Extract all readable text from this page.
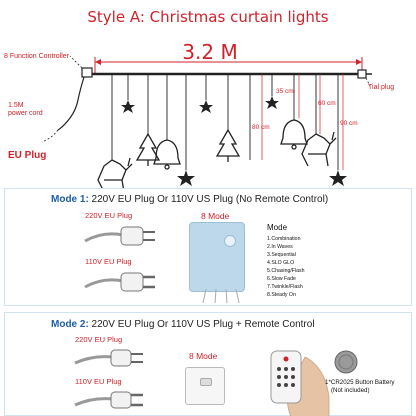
Style A: Christmas curtain lights
3.2 M
8 Function Controller
1.5M
power cord
Tial plug
35 cm
60 cm
80 cm
90 cm
EU Plug
Mode 1: 220V EU Plug Or 110V US Plug (No Remote Control)
220V EU Plug
110V EU Plug
8 Mode
Mode
1.Combination
2.In Waves
3.Sequential
4.SLO GLO
5.Chasing/Flash
6.Slow Fade
7.Twinkle/Flash
8.Steady On
Mode 2: 220V EU Plug Or 110V US Plug + Remote Control
220V EU Plug
110V EU Plug
8 Mode
1*CR2025 Button Battery
(Not included)
